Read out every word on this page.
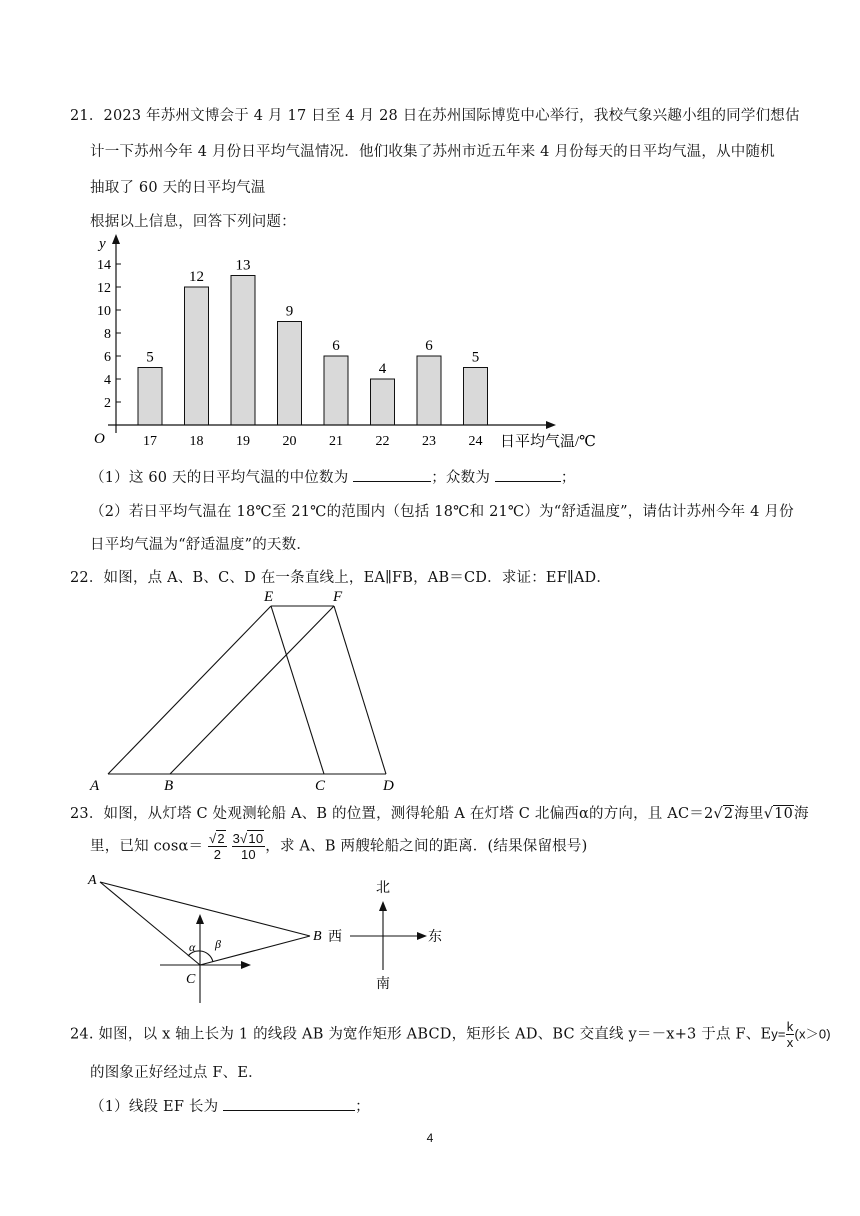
21．2023 年苏州文博会于 4 月 17 日至 4 月 28 日在苏州国际博览中心举行，我校气象兴趣小组的同学们想估
计一下苏州今年 4 月份日平均气温情况．他们收集了苏州市近五年来 4 月份每天的日平均气温，从中随机
抽取了 60 天的日平均气温
根据以上信息，回答下列问题：
2
4
6
8
10
12
14
17
5
18
12
19
13
20
9
21
6
22
4
23
6
24
5
y
O	日平均气温/℃
（1）这 60 天的日平均气温的中位数为	；众数为	；
（2）若日平均气温在 18℃至 21℃的范围内（包括 18℃和 21℃）为“舒适温度”，请估计苏州今年 4 月份
日平均气温为“舒适温度”的天数．
22．如图，点 A、B、C、D 在一条直线上，EA∥FB，AB＝CD．求证：EF∥AD．
E	F
A	B	C	D
23．如图，从灯塔 C 处观测轮船 A、B 的位置，测得轮船 A 在灯塔 C 北偏西α的方向，且 AC＝2√2海里√10海
里，已知 $\cos\alpha= \frac{√2}{2}$
$\frac{3√10}{10}$ ，求 A、B 两艘轮船之间的距离．(结果保留根号)
A
B
C
α β
北
南
西	东
24. 如图，以 x 轴上长为 1 的线段 AB 为宽作矩形 ABCD，矩形长 AD、BC 交直线 y＝－x+3 于点 F、$Ey= \frac{k}{x} (x>0)$
的图象正好经过点 F、E．
（1）线段 EF 长为	；
4
